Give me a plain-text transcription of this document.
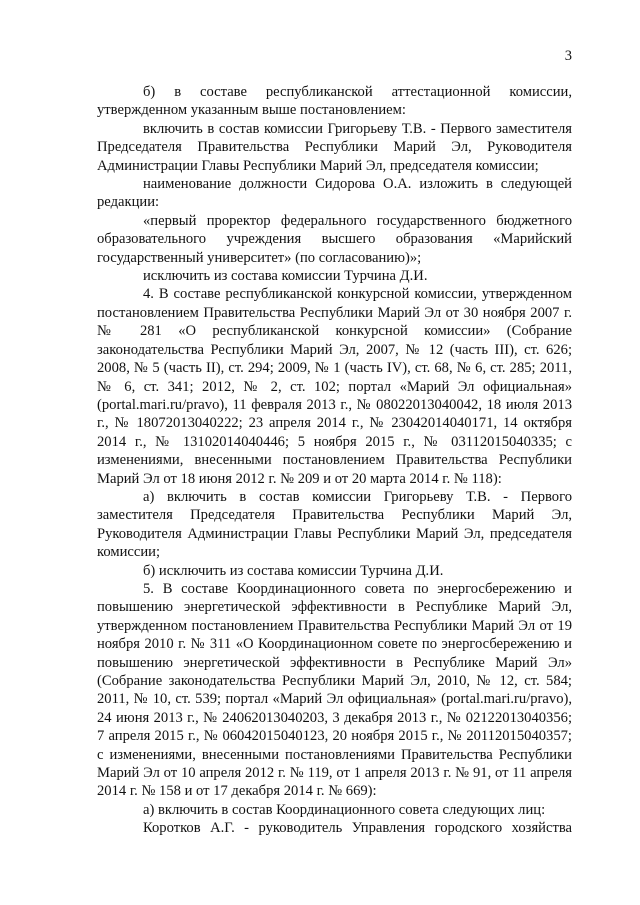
3

б) в составе республиканской аттестационной комиссии, утвержденном указанным выше постановлением:

включить в состав комиссии Григорьеву Т.В. - Первого заместителя Председателя Правительства Республики Марий Эл, Руководителя Администрации Главы Республики Марий Эл, председателя комиссии;

наименование должности Сидорова О.А. изложить в следующей редакции:

«первый проректор федерального государственного бюджетного образовательного учреждения высшего образования «Марийский государственный университет» (по согласованию)»;

исключить из состава комиссии Турчина Д.И.

4. В составе республиканской конкурсной комиссии, утвержденном постановлением Правительства Республики Марий Эл от 30 ноября 2007 г. № 281 «О республиканской конкурсной комиссии» (Собрание законодательства Республики Марий Эл, 2007, № 12 (часть III), ст. 626; 2008, № 5 (часть II), ст. 294; 2009, № 1 (часть IV), ст. 68, № 6, ст. 285; 2011, № 6, ст. 341; 2012, № 2, ст. 102; портал «Марий Эл официальная» (portal.mari.ru/pravo), 11 февраля 2013 г., № 08022013040042, 18 июля 2013 г., № 18072013040222; 23 апреля 2014 г., № 23042014040171, 14 октября 2014 г., № 13102014040446; 5 ноября 2015 г., № 03112015040335; с изменениями, внесенными постановлением Правительства Республики Марий Эл от 18 июня 2012 г. № 209 и от 20 марта 2014 г. № 118):

а) включить в состав комиссии Григорьеву Т.В. - Первого заместителя Председателя Правительства Республики Марий Эл, Руководителя Администрации Главы Республики Марий Эл, председателя комиссии;

б) исключить из состава комиссии Турчина Д.И.

5. В составе Координационного совета по энергосбережению и повышению энергетической эффективности в Республике Марий Эл, утвержденном постановлением Правительства Республики Марий Эл от 19 ноября 2010 г. № 311 «О Координационном совете по энергосбережению и повышению энергетической эффективности в Республике Марий Эл» (Собрание законодательства Республики Марий Эл, 2010, № 12, ст. 584; 2011, № 10, ст. 539; портал «Марий Эл официальная» (portal.mari.ru/pravo), 24 июня 2013 г., № 24062013040203, 3 декабря 2013 г., № 02122013040356; 7 апреля 2015 г., № 06042015040123, 20 ноября 2015 г., № 20112015040357; с изменениями, внесенными постановлениями Правительства Республики Марий Эл от 10 апреля 2012 г. № 119, от 1 апреля 2013 г. № 91, от 11 апреля 2014 г. № 158 и от 17 декабря 2014 г. № 669):

а) включить в состав Координационного совета следующих лиц:

Коротков А.Г. - руководитель Управления городского хозяйства
